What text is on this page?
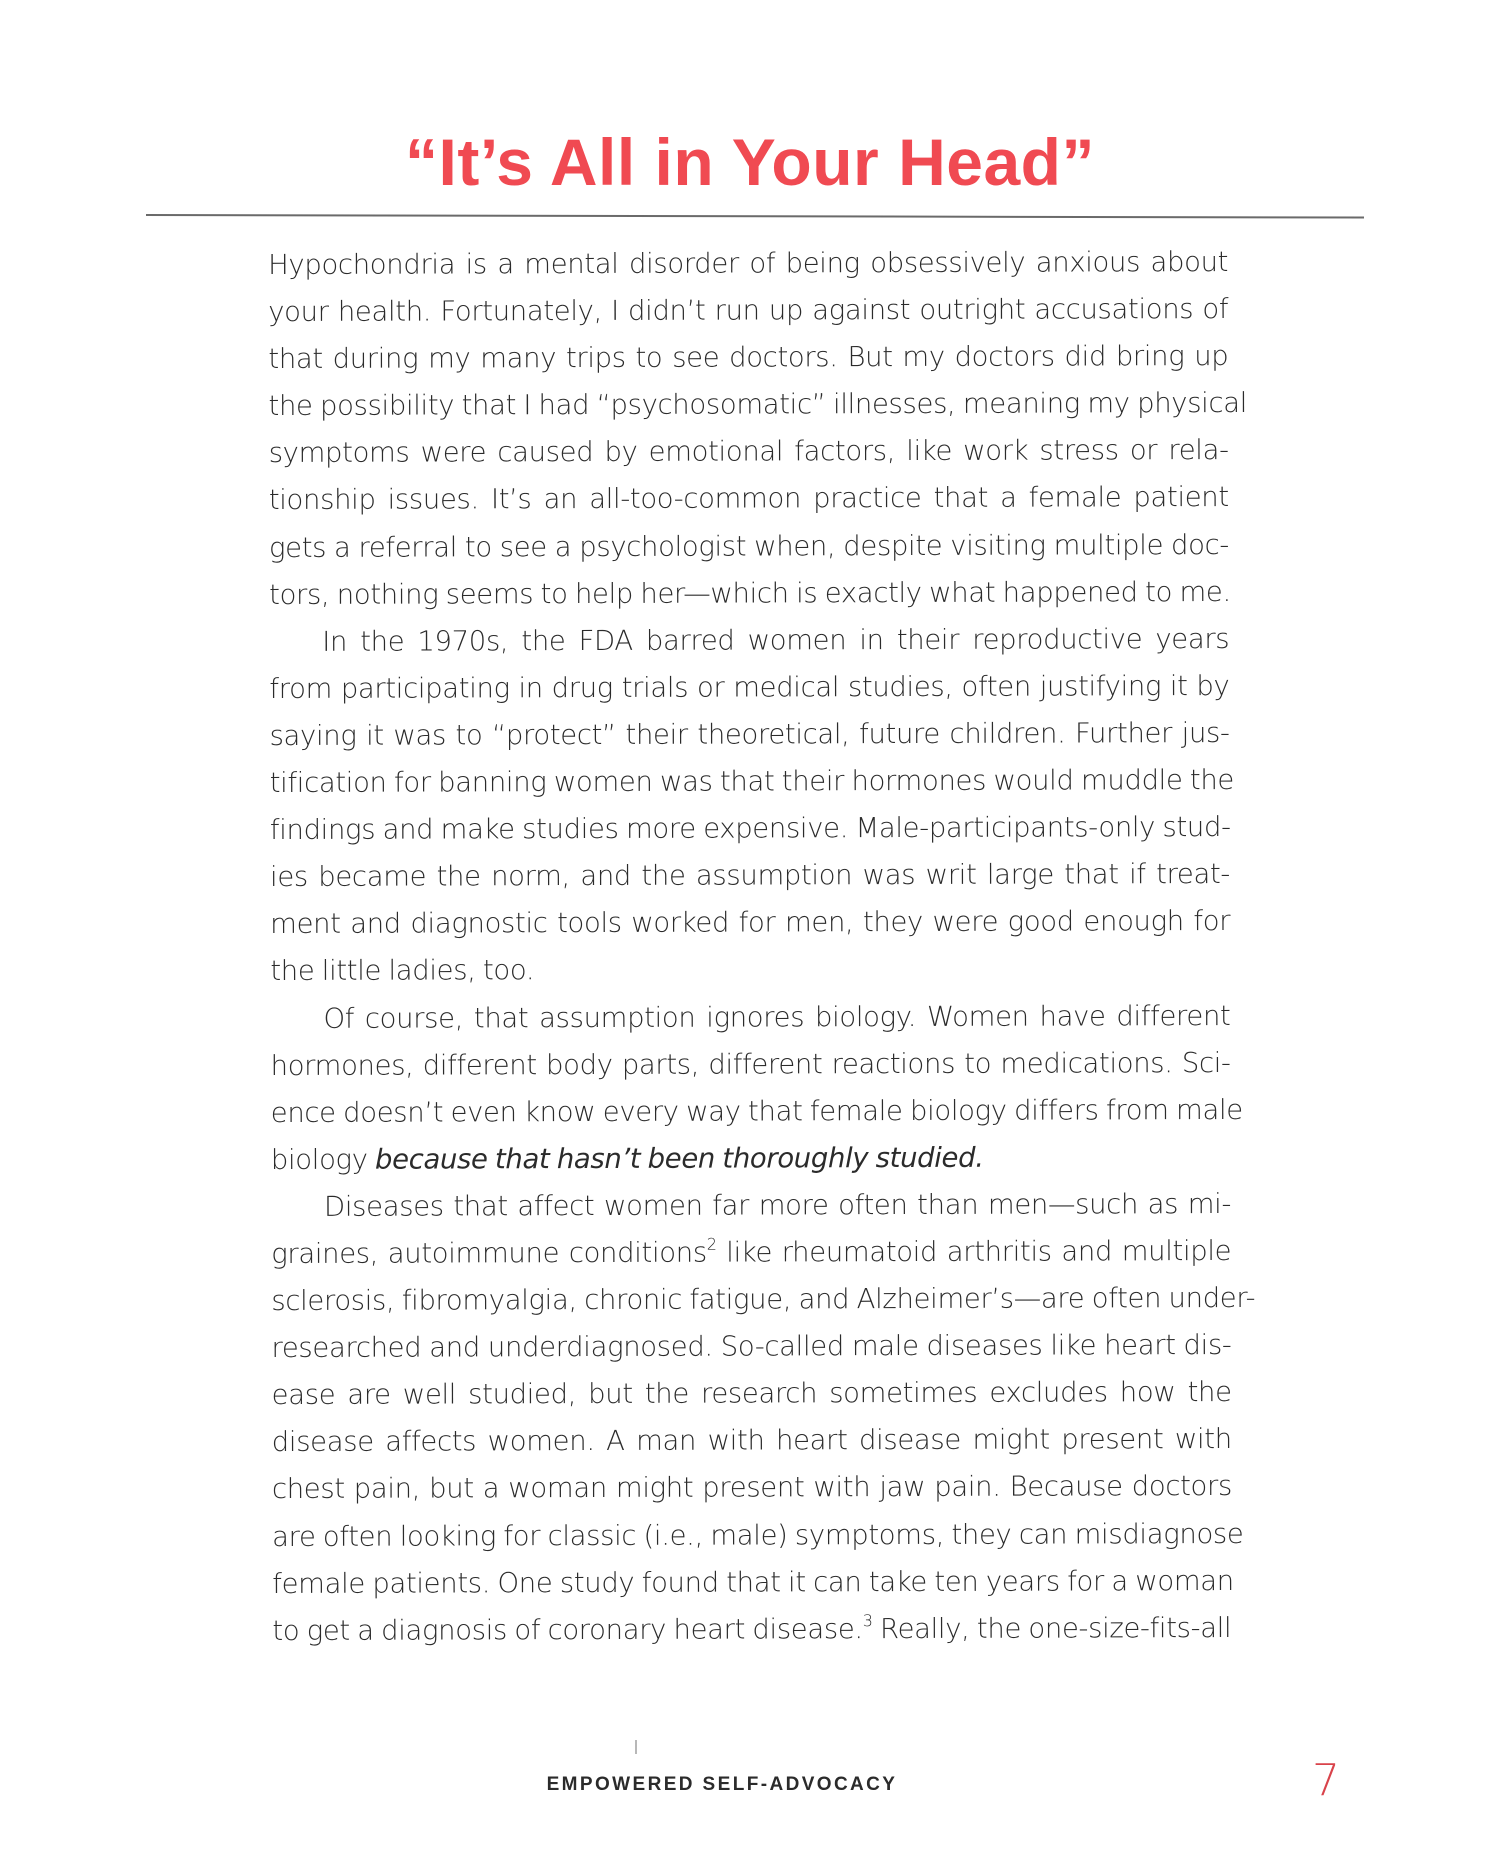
“It’s All in Your Head”
Hypochondria is a mental disorder of being obsessively anxious about
your health. Fortunately, I didn’t run up against outright accusations of
that during my many trips to see doctors. But my doctors did bring up
the possibility that I had “psychosomatic” illnesses, meaning my physical
symptoms were caused by emotional factors, like work stress or rela-
tionship issues. It’s an all-too-common practice that a female patient
gets a referral to see a psychologist when, despite visiting multiple doc-
tors, nothing seems to help her—which is exactly what happened to me.
In the 1970s, the FDA barred women in their reproductive years
from participating in drug trials or medical studies, often justifying it by
saying it was to “protect” their theoretical, future children. Further jus-
tification for banning women was that their hormones would muddle the
findings and make studies more expensive. Male-participants-only stud-
ies became the norm, and the assumption was writ large that if treat-
ment and diagnostic tools worked for men, they were good enough for
the little ladies, too.
Of course, that assumption ignores biology. Women have different
hormones, different body parts, different reactions to medications. Sci-
ence doesn’t even know every way that female biology differs from male
biology because that hasn’t been thoroughly studied.
Diseases that affect women far more often than men—such as mi-
graines, autoimmune conditions$^2$ like rheumatoid arthritis and multiple
sclerosis, fibromyalgia, chronic fatigue, and Alzheimer’s—are often under-
researched and underdiagnosed. So-called male diseases like heart dis-
ease are well studied, but the research sometimes excludes how the
disease affects women. A man with heart disease might present with
chest pain, but a woman might present with jaw pain. Because doctors
are often looking for classic (i.e., male) symptoms, they can misdiagnose
female patients. One study found that it can take ten years for a woman
to get a diagnosis of coronary heart disease.$^3$ Really, the one-size-fits-all
EMPOWERED SELF-ADVOCACY	7
